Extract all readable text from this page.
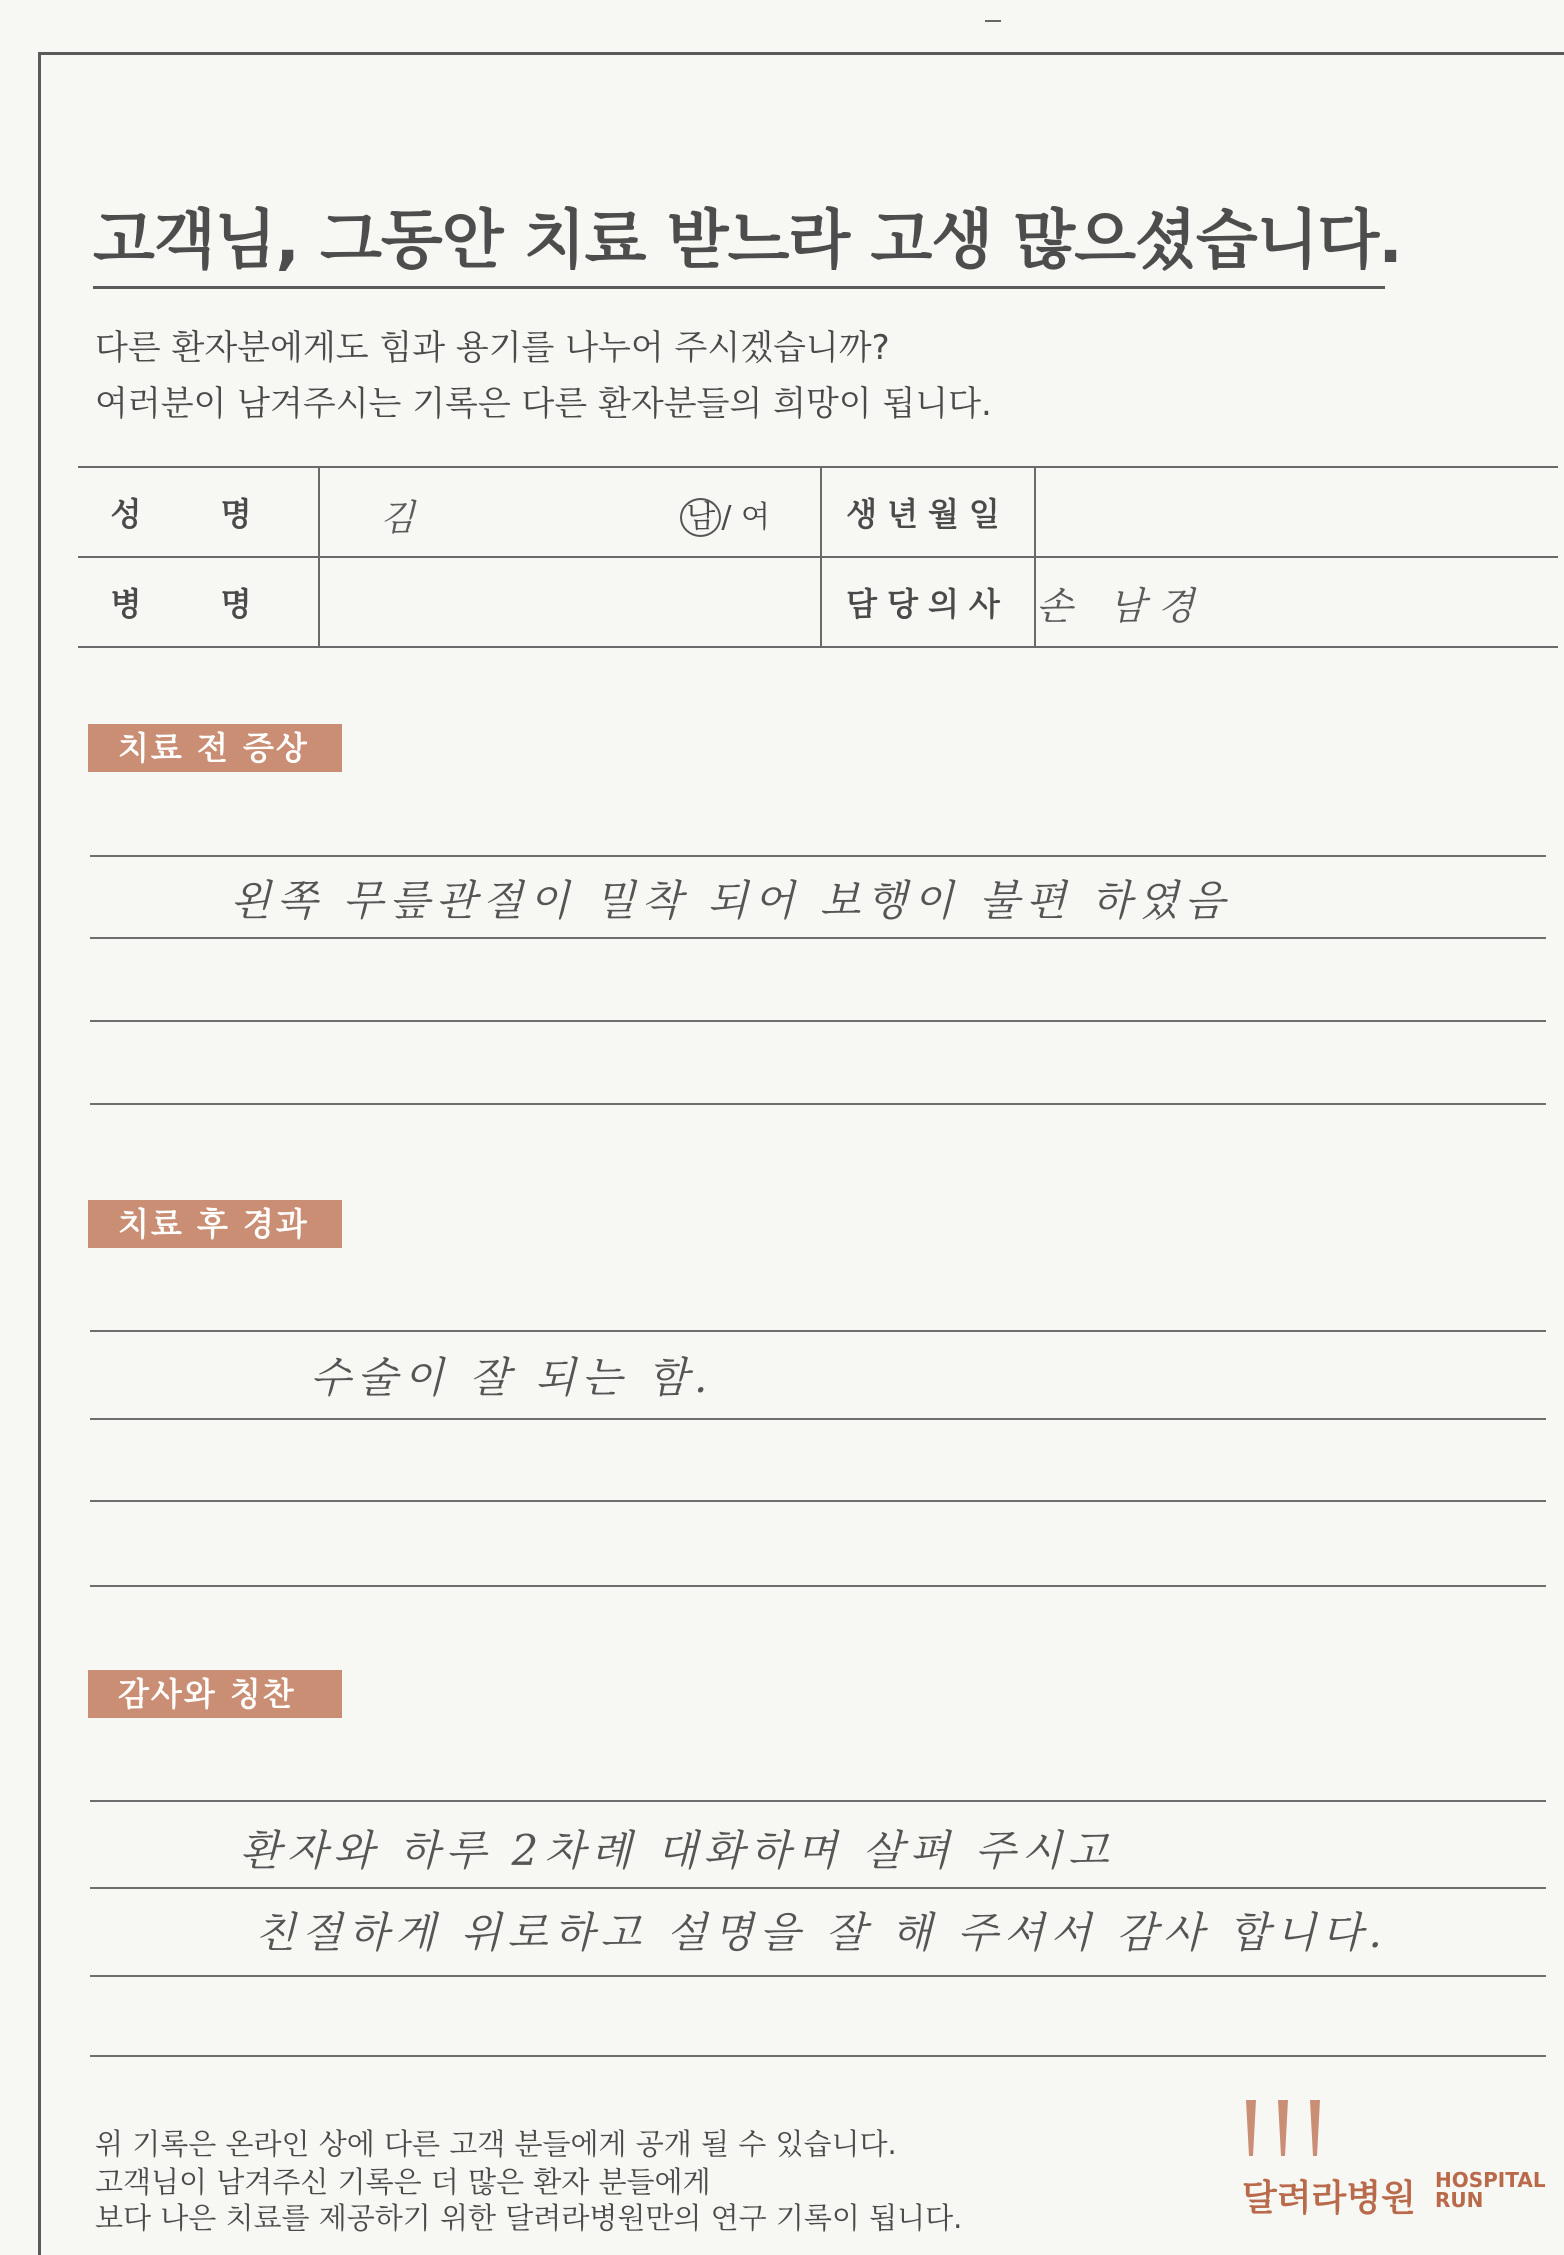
고객님, 그동안 치료 받느라 고생 많으셨습니다.
다른 환자분에게도 힘과 용기를 나누어 주시겠습니까?
여러분이 남겨주시는 기록은 다른 환자분들의 희망이 됩니다.
성 명	김 남 / 여	생년월일	
병 명		담당의사	손 남경
치료 전 증상
왼쪽 무릎관절이 밀착 되어 보행이 불편 하였음
치료 후 경과
수술이 잘 되는 함.
감사와 칭찬
환자와 하루 2차례 대화하며 살펴 주시고
친절하게 위로하고 설명을 잘 해 주셔서 감사 합니다.
위 기록은 온라인 상에 다른 고객 분들에게 공개 될 수 있습니다.
고객님이 남겨주신 기록은 더 많은 환자 분들에게
보다 나은 치료를 제공하기 위한 달려라병원만의 연구 기록이 됩니다.	달려라병원 HOSPITAL
RUN
